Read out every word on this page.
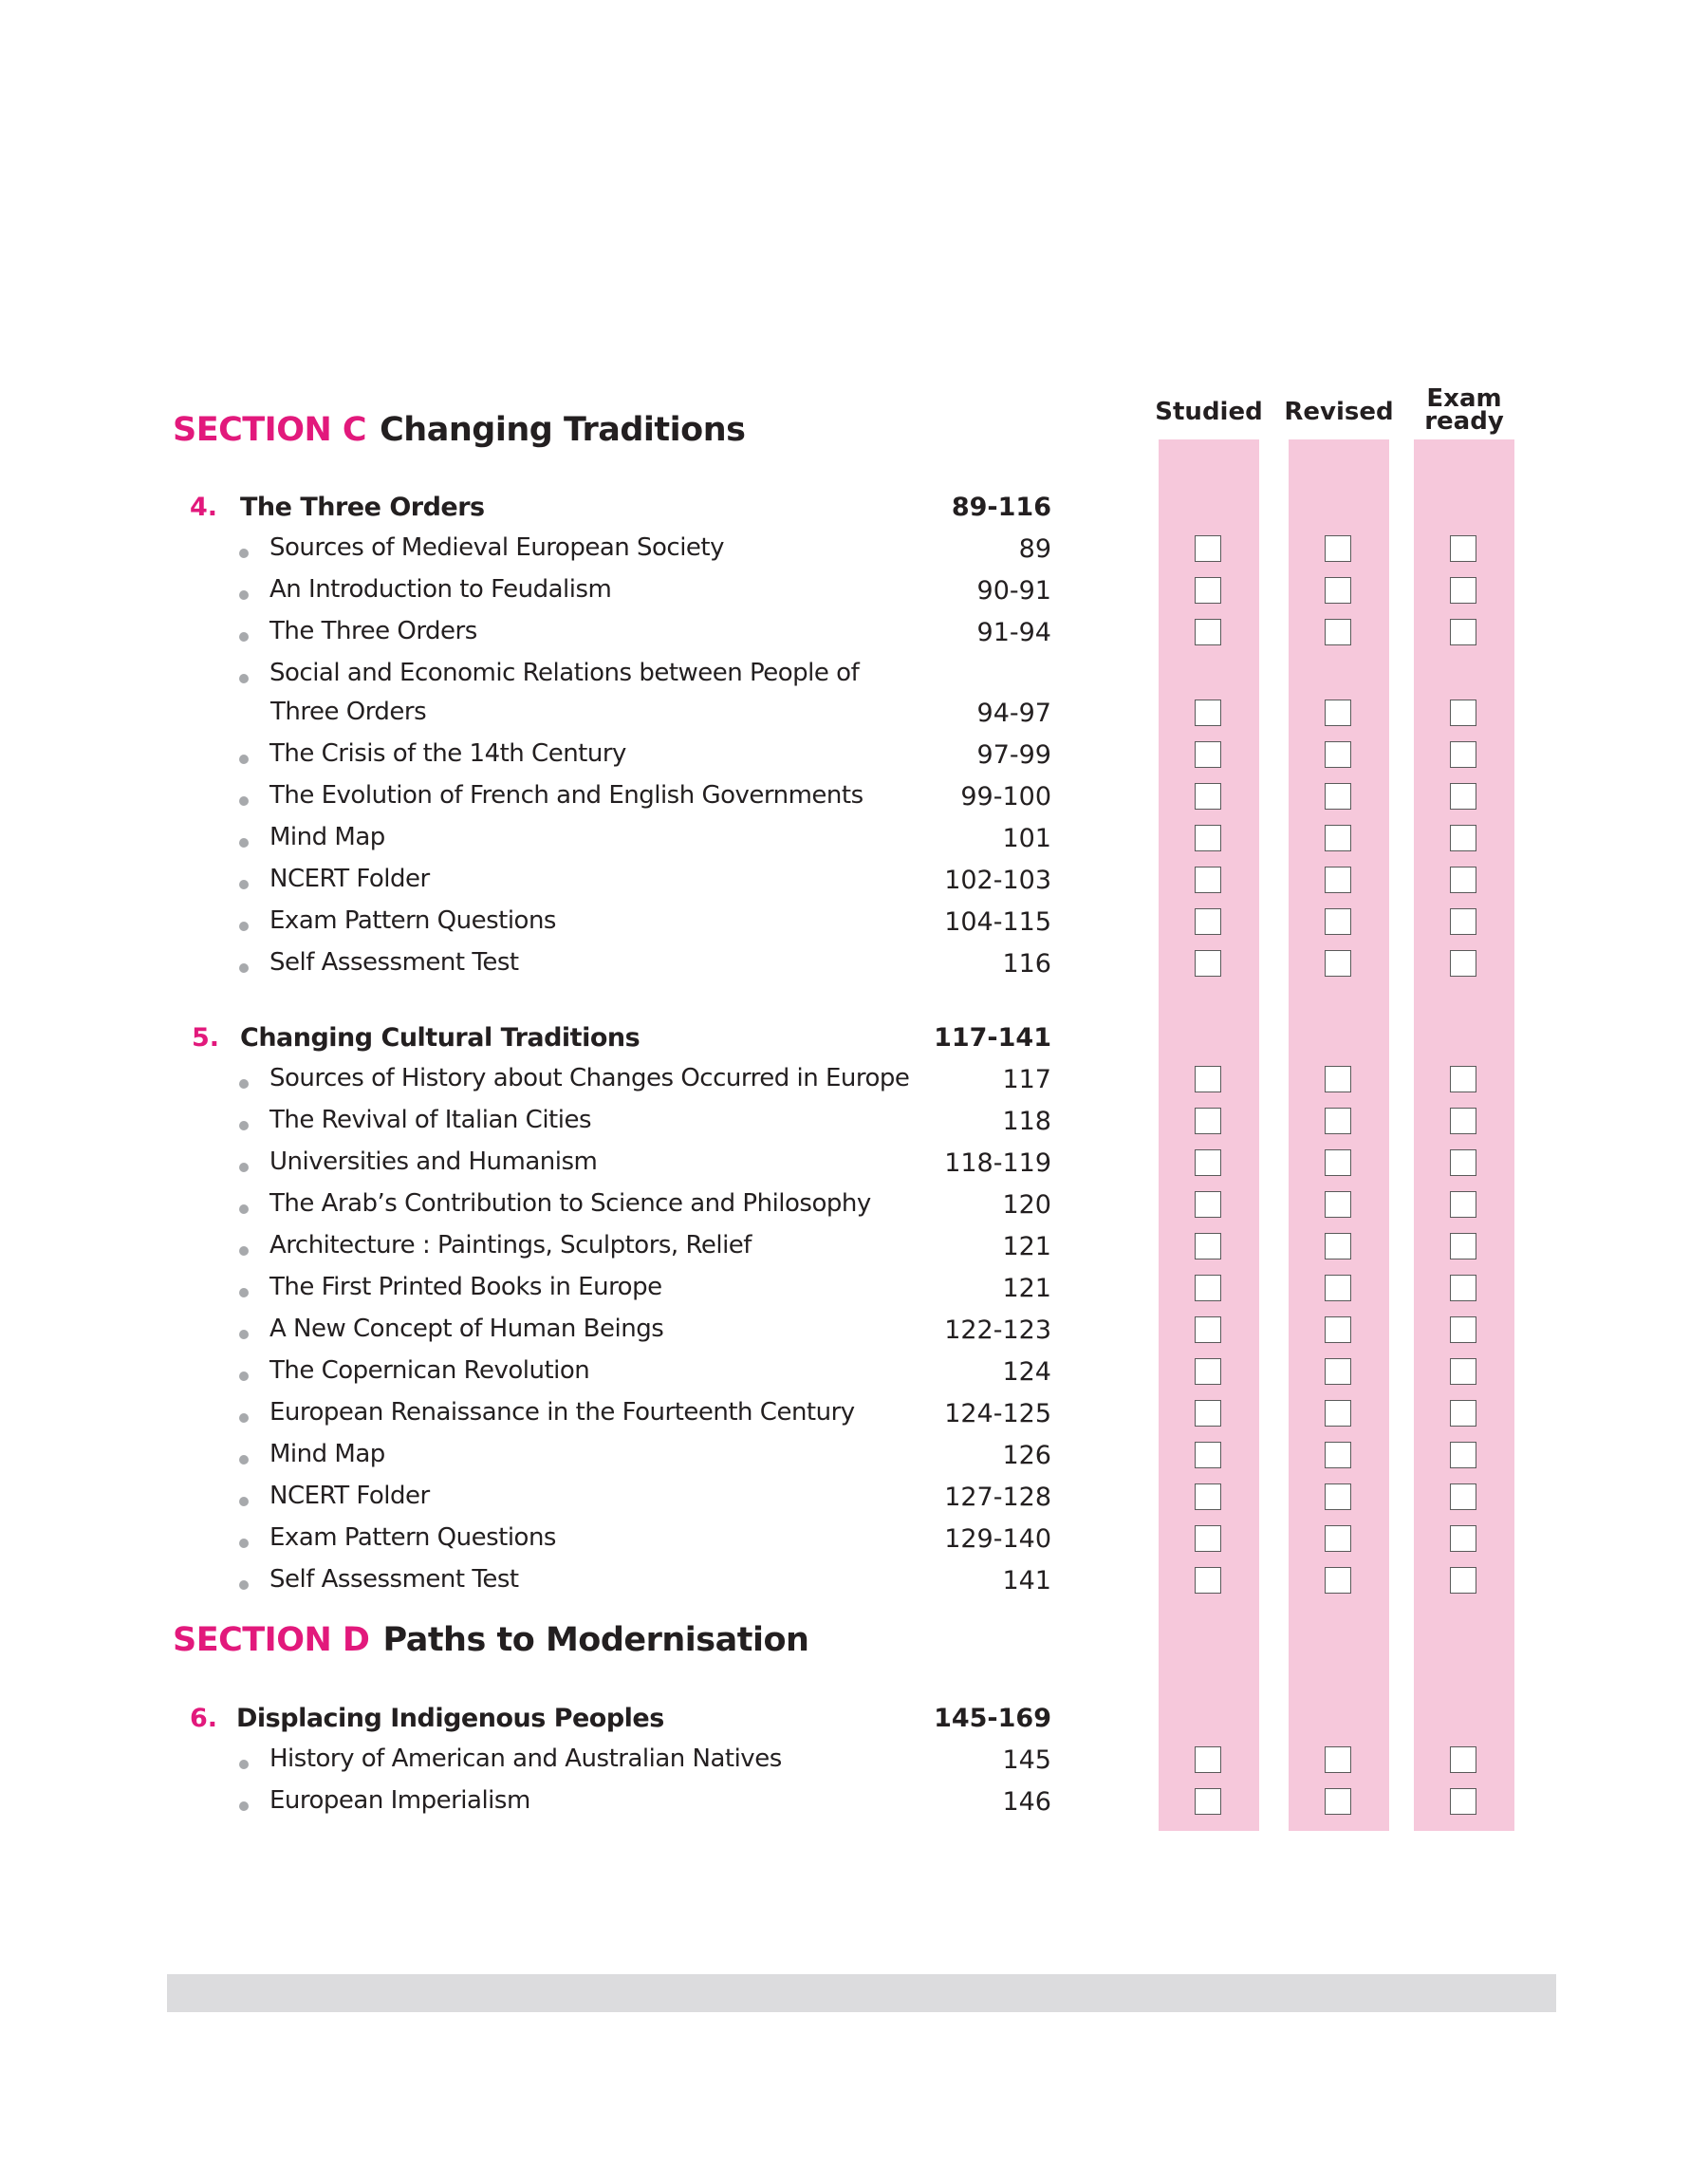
Studied Revised	Exam
ready
SECTION C Changing Traditions
SECTION D Paths to Modernisation
4. The Three Orders	89-116
Sources of Medieval European Society	89
An Introduction to Feudalism	90-91
The Three Orders	91-94
Social and Economic Relations between People of
Three Orders	94-97
The Crisis of the 14th Century	97-99
The Evolution of French and English Governments	99-100
Mind Map	101
NCERT Folder	102-103
Exam Pattern Questions	104-115
Self Assessment Test	116
5. Changing Cultural Traditions	117-141
Sources of History about Changes Occurred in Europe	117
The Revival of Italian Cities	118
Universities and Humanism	118-119
The Arab’s Contribution to Science and Philosophy	120
Architecture : Paintings, Sculptors, Relief	121
The First Printed Books in Europe	121
A New Concept of Human Beings	122-123
The Copernican Revolution	124
European Renaissance in the Fourteenth Century	124-125
Mind Map	126
NCERT Folder	127-128
Exam Pattern Questions	129-140
Self Assessment Test	141
6. Displacing Indigenous Peoples	145-169
History of American and Australian Natives	145
European Imperialism	146
